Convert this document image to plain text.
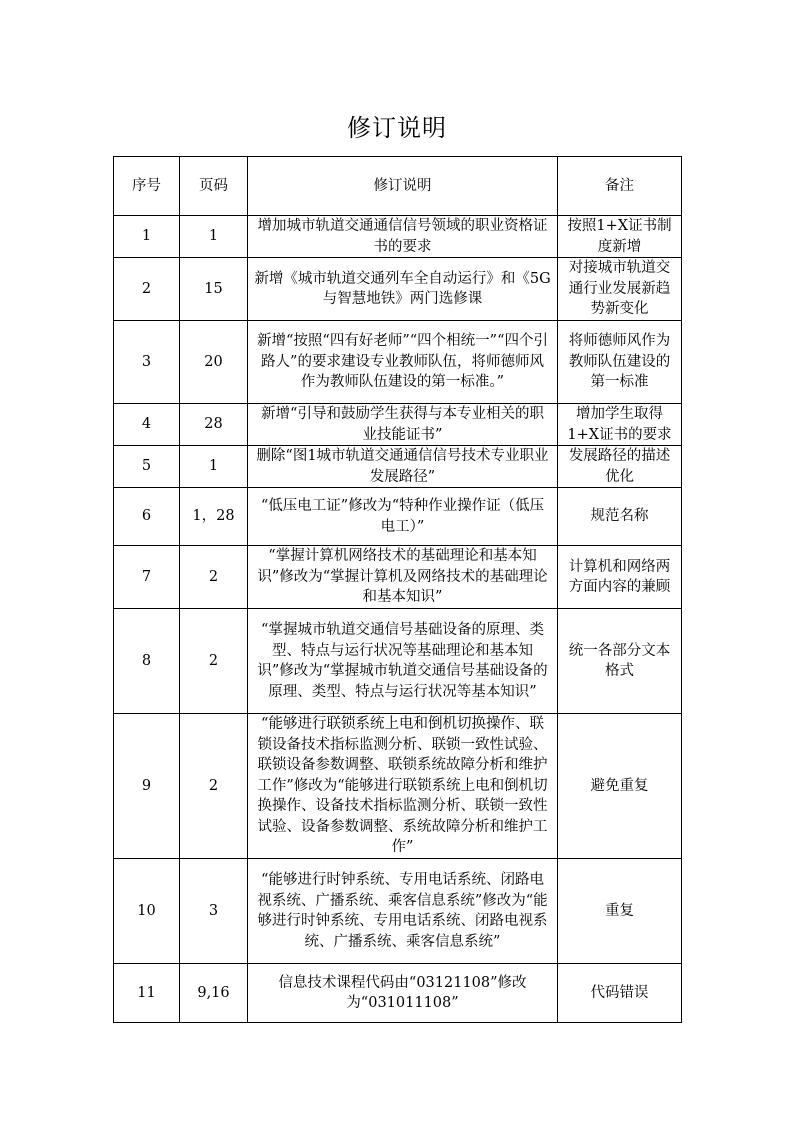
修订说明
序号	页码	修订说明	备注
1	1	增加城市轨道交通通信信号领域的职业资格证书的要求	按照1+X证书制度新增
2	15	新增《城市轨道交通列车全自动运行》和《5G与智慧地铁》两门选修课	对接城市轨道交通行业发展新趋势新变化
3	20	新增“按照“四有好老师”“四个相统一”“四个引路人”的要求建设专业教师队伍，将师德师风作为教师队伍建设的第一标准。”	将师德师风作为教师队伍建设的第一标准
4	28	新增“引导和鼓励学生获得与本专业相关的职业技能证书”	增加学生取得1+X证书的要求
5	1	删除“图1城市轨道交通通信信号技术专业职业发展路径”	发展路径的描述优化
6	1，28	“低压电工证”修改为“特种作业操作证（低压电工）”	规范名称
7	2	“掌握计算机网络技术的基础理论和基本知识”修改为“掌握计算机及网络技术的基础理论和基本知识”	计算机和网络两方面内容的兼顾
8	2	“掌握城市轨道交通信号基础设备的原理、类型、特点与运行状况等基础理论和基本知识”修改为“掌握城市轨道交通信号基础设备的原理、类型、特点与运行状况等基本知识”	统一各部分文本格式
9	2	“能够进行联锁系统上电和倒机切换操作、联锁设备技术指标监测分析、联锁一致性试验、联锁设备参数调整、联锁系统故障分析和维护工作”修改为“能够进行联锁系统上电和倒机切换操作、设备技术指标监测分析、联锁一致性试验、设备参数调整、系统故障分析和维护工作”	避免重复
10	3	“能够进行时钟系统、专用电话系统、闭路电视系统、广播系统、乘客信息系统”修改为“能够进行时钟系统、专用电话系统、闭路电视系统、广播系统、乘客信息系统”	重复
11	9,16	信息技术课程代码由“03121108”修改为“031011108”	代码错误
